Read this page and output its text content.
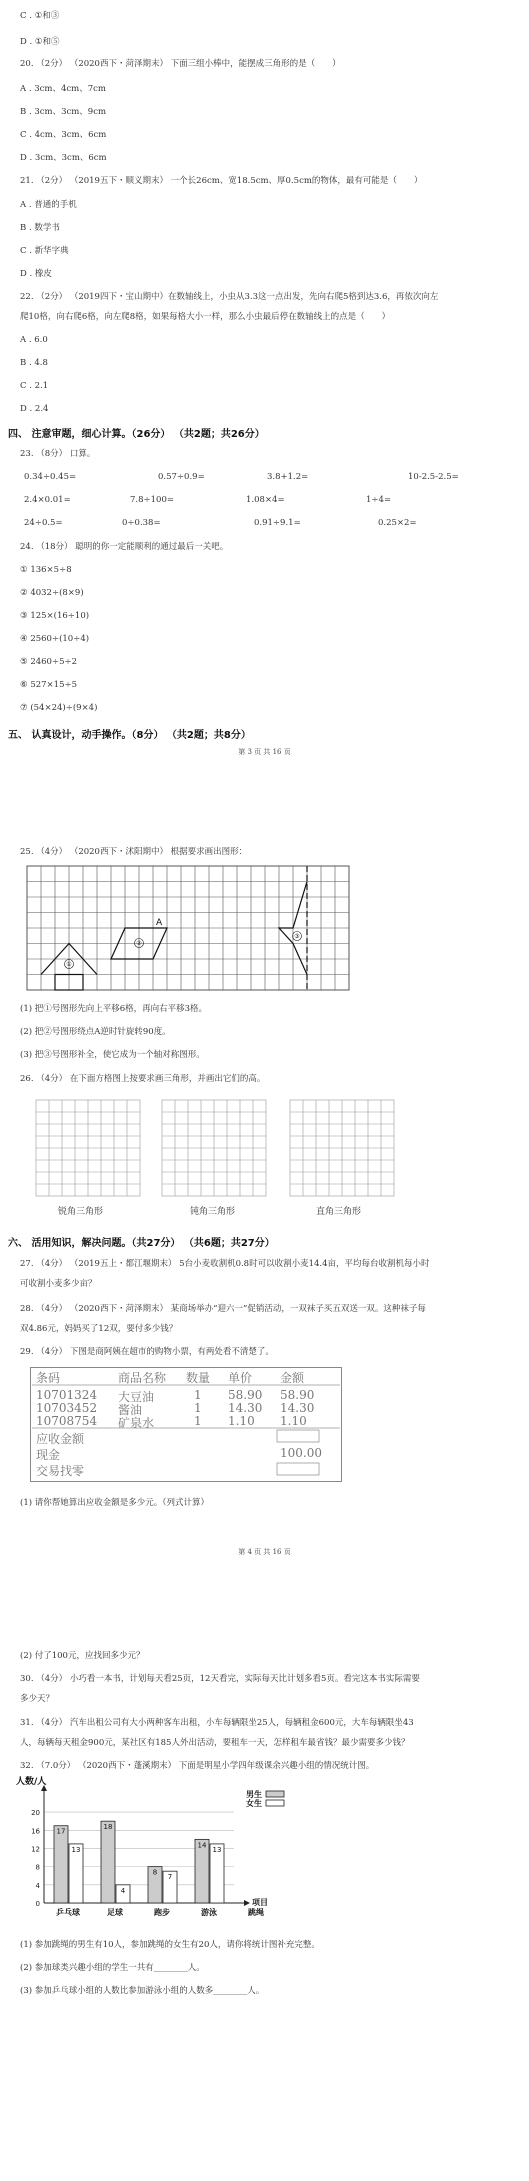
C . ①和③
D . ①和⑤
20. （2分） （2020西下・菏泽期末） 下面三组小棒中，能摆成三角形的是（　　）
A . 3cm、4cm、7cm
B . 3cm、3cm、9cm
C . 4cm、3cm、6cm
D . 3cm、3cm、6cm
21. （2分） （2019五下・顺义期末） 一个长26cm、宽18.5cm、厚0.5cm的物体，最有可能是（　　）
A . 普通的手机
B . 数学书
C . 新华字典
D . 橡皮
22. （2分） （2019四下・宝山期中）在数轴线上，小虫从3.3这一点出发，先向右爬5格到达3.6，再依次向左
爬10格，向右爬6格，向左爬8格，如果每格大小一样，那么小虫最后停在数轴线上的点是（　　）
A . 6.0
B . 4.8
C . 2.1
D . 2.4
四、 注意审题，细心计算。（26分） （共2题；共26分）
23. （8分） 口算。
0.34÷0.45=	0.57÷0.9=	3.8+1.2=	10-2.5-2.5=
2.4×0.01=	7.8÷100=	1.08×4=	1÷4=
24÷0.5=	0÷0.38=	0.91÷9.1=	0.25×2=
24. （18分） 聪明的你一定能顺利的通过最后一关吧。
① 136×5÷8
② 4032÷(8×9)
③ 125×(16÷10)
④ 2560÷(10÷4)
⑤ 2460÷5÷2
⑥ 527×15÷5
⑦ (54×24)÷(9×4)
五、 认真设计，动手操作。（8分） （共2题；共8分）
第 3 页 共 16 页
25. （4分） （2020西下・沭阳期中） 根据要求画出图形：
①
②
A
③
(1) 把①号图形先向上平移6格，再向右平移3格。
(2) 把②号图形绕点A逆时针旋转90度。
(3) 把③号图形补全，使它成为一个轴对称图形。
26. （4分） 在下面方格图上按要求画三角形，并画出它们的高。
锐角三角形	钝角三角形	直角三角形
六、 活用知识，解决问题。（共27分） （共6题；共27分）
27. （4分） （2019五上・都江堰期末） 5台小麦收割机0.8时可以收割小麦14.4亩，平均每台收割机每小时
可收割小麦多少亩？
28. （4分） （2020西下・菏泽期末） 某商场举办“迎六一”促销活动，一双袜子买五双送一双。这种袜子每
双4.86元，妈妈买了12双，要付多少钱？
29. （4分） 下图是商阿姨在超市的购物小票，有两处看不清楚了。
条码	商品名称 数量 单价 金额
10701324 大豆油	1 58.90 58.90
10703452 酱油	1 14.30 14.30
10708754 矿泉水	1 1.10 1.10
应收金额
现金	100.00
交易找零
(1) 请你帮她算出应收金额是多少元。（列式计算）
第 4 页 共 16 页
(2) 付了100元，应找回多少元？
30. （4分） 小巧看一本书，计划每天看25页，12天看完，实际每天比计划多看5页。看完这本书实际需要
多少天？
31. （4分） 汽车出租公司有大小两种客车出租，小车每辆限坐25人，每辆租金600元，大车每辆限坐43
人，每辆每天租金900元，某社区有185人外出活动，要租车一天，怎样租车最省钱？最少需要多少钱？
32. （7.0分） （2020西下・蓬溪期末） 下面是明星小学四年级课余兴趣小组的情况统计图。
0
4
8
12
16
20
人数/人
项目
男生
女生
乒乓球
17
13
足球
18
4
跑步
8
7
游泳
14
13
跳绳
(1) 参加跳绳的男生有10人，参加跳绳的女生有20人，请你将统计图补充完整。
(2) 参加球类兴趣小组的学生一共有________人。
(3) 参加乒乓球小组的人数比参加游泳小组的人数多________人。
